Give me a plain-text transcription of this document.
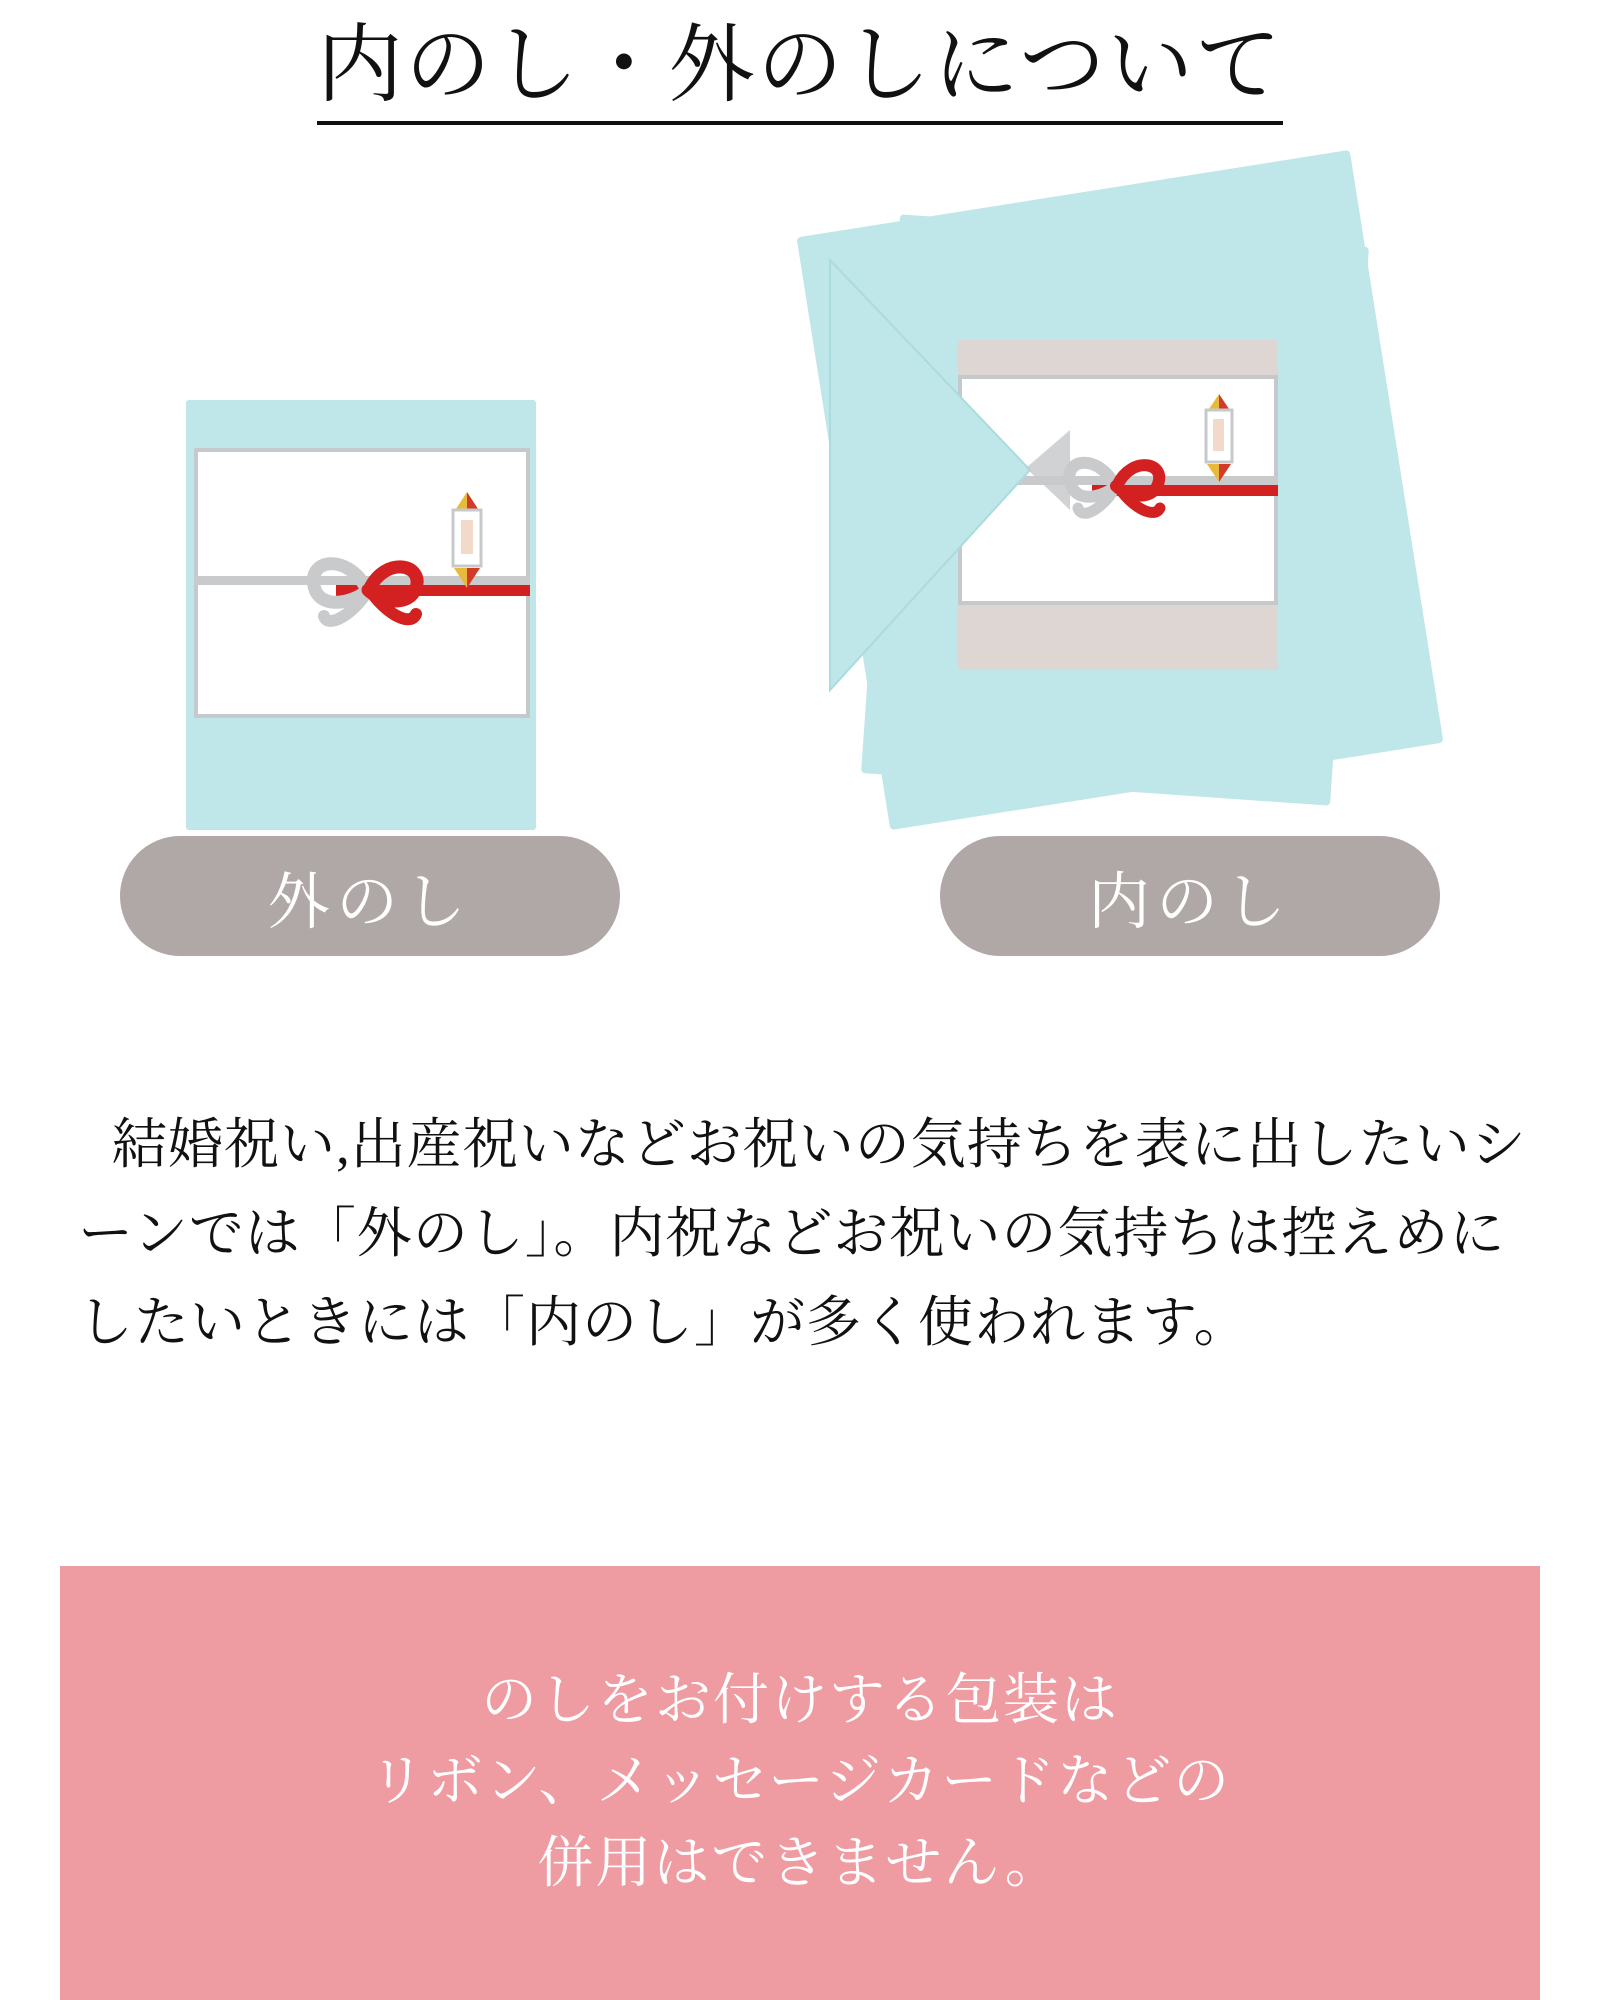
内のし・外のしについて
外のし	内のし

結婚祝い,出産祝いなどお祝いの気持ちを表に出したいシーンでは「外のし」。内祝などお祝いの気持ちは控えめにしたいときには「内のし」が多く使われます。

のしをお付けする包装は
リボン、メッセージカードなどの
併用はできません。
